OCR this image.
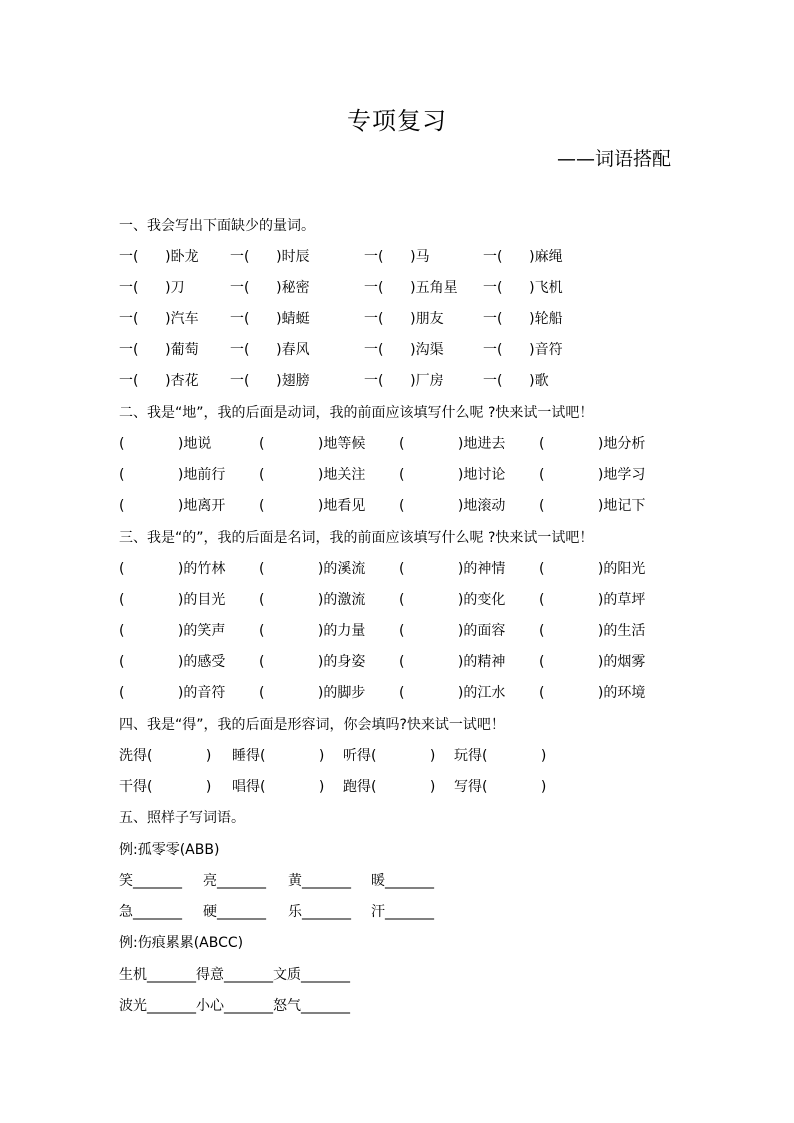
专项复习
——词语搭配
一、我会写出下面缺少的量词。
一(      )卧龙 一(      )时辰	一(      )马	一(      )麻绳
一(      )刀	一(      )秘密	一(      )五角星 一(      )飞机
一(      )汽车 一(      )蜻蜓	一(      )朋友	一(      )轮船
一(      )葡萄 一(      )春风	一(      )沟渠	一(      )音符
一(      )杏花 一(      )翅膀	一(      )厂房	一(      )歌
二、我是“地”，我的后面是动词，我的前面应该填写什么呢 ?快来试一试吧！
(            )地说	(            )地等候 (            )地进去 (            )地分析
(            )地前行 (            )地关注 (            )地讨论 (            )地学习
(            )地离开 (            )地看见 (            )地滚动 (            )地记下
三、我是“的”，我的后面是名词，我的前面应该填写什么呢 ?快来试一试吧！
(            )的竹林 (            )的溪流 (            )的神情 (            )的阳光
(            )的目光 (            )的激流 (            )的变化 (            )的草坪
(            )的笑声 (            )的力量 (            )的面容 (            )的生活
(            )的感受 (            )的身姿 (            )的精神 (            )的烟雾
(            )的音符 (            )的脚步 (            )的江水 (            )的环境
四、我是“得”，我的后面是形容词，你会填吗?快来试一试吧！
洗得(            ) 睡得(            ) 听得(            ) 玩得(            )
干得(            ) 唱得(            ) 跑得(            ) 写得(            )
五、照样子写词语。
例:孤零零(ABB)
笑_______ 亮_______ 黄_______ 暖_______
急_______ 硬_______ 乐_______ 汗_______
例:伤痕累累(ABCC)
生机_______得意_______文质_______
波光_______小心_______怒气_______
